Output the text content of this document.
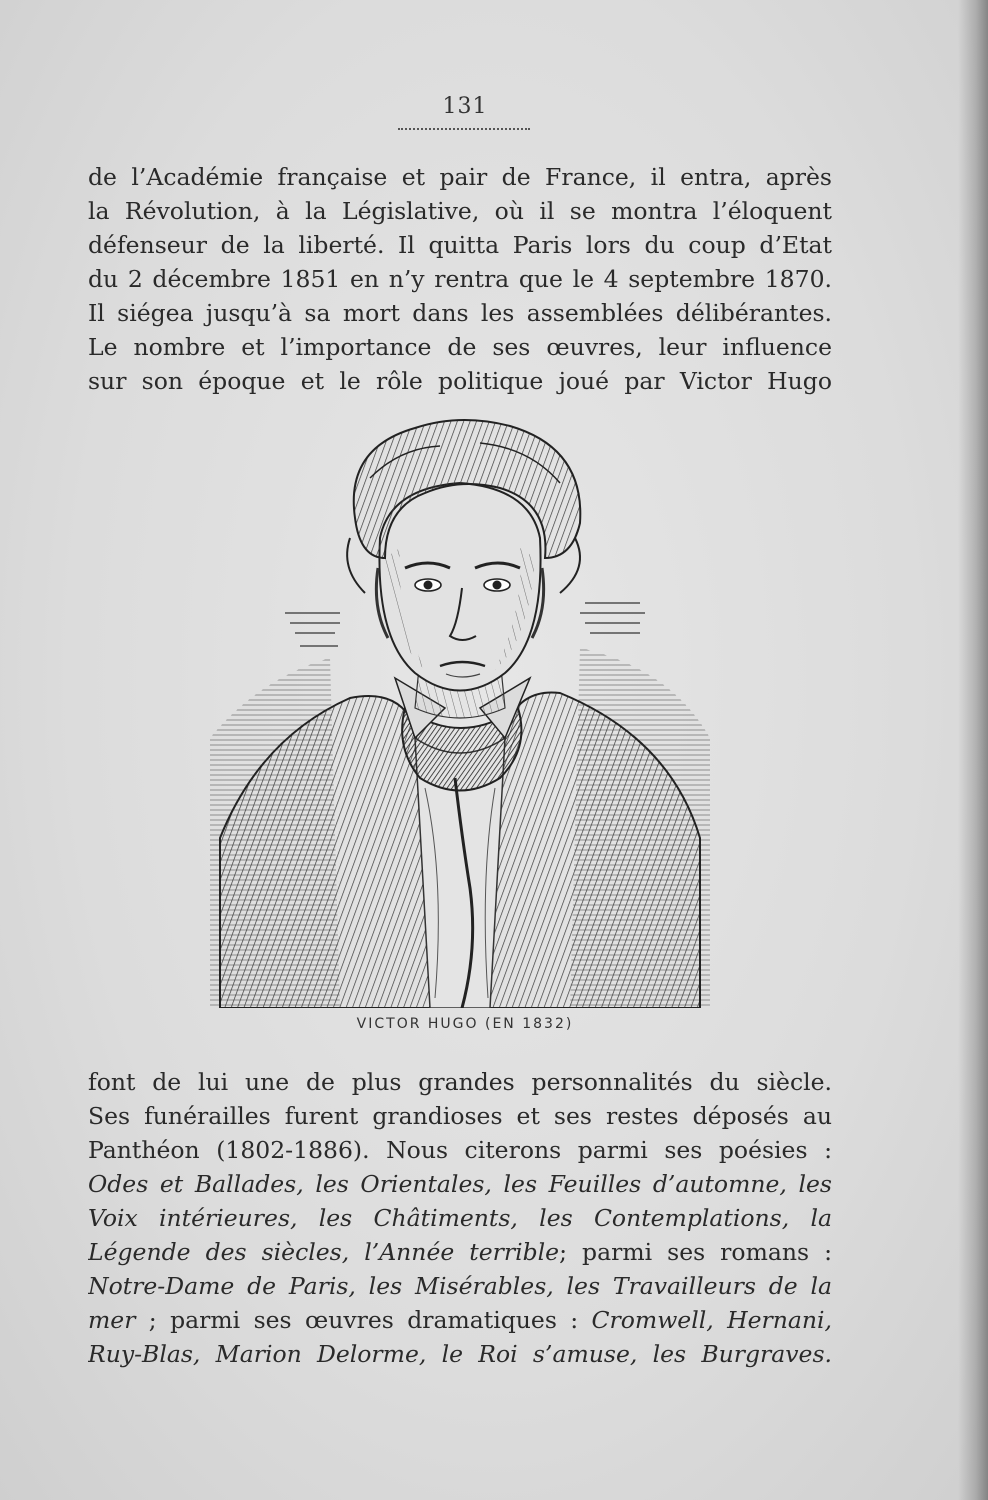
131
de l’Académie française et pair de France, il entra, après
la Révolution, à la Législative, où il se montra l’éloquent
défenseur de la liberté. Il quitta Paris lors du coup d’Etat
du 2 décembre 1851 en n’y rentra que le 4 septembre 1870.
Il siégea jusqu’à sa mort dans les assemblées délibérantes.
Le nombre et l’importance de ses œuvres, leur influence
sur son époque et le rôle politique joué par Victor Hugo
VICTOR HUGO (EN 1832)
font de lui une de plus grandes personnalités du siècle.
Ses funérailles furent grandioses et ses restes déposés au
Panthéon (1802-1886). Nous citerons parmi ses poésies :
Odes et Ballades, les Orientales, les Feuilles d’automne, les
Voix intérieures, les Châtiments, les Contemplations, la
Légende des siècles, l’Année terrible; parmi ses romans :
Notre-Dame de Paris, les Misérables, les Travailleurs de la
mer ; parmi ses œuvres dramatiques : Cromwell, Hernani,
Ruy-Blas, Marion Delorme, le Roi s’amuse, les Burgraves.
